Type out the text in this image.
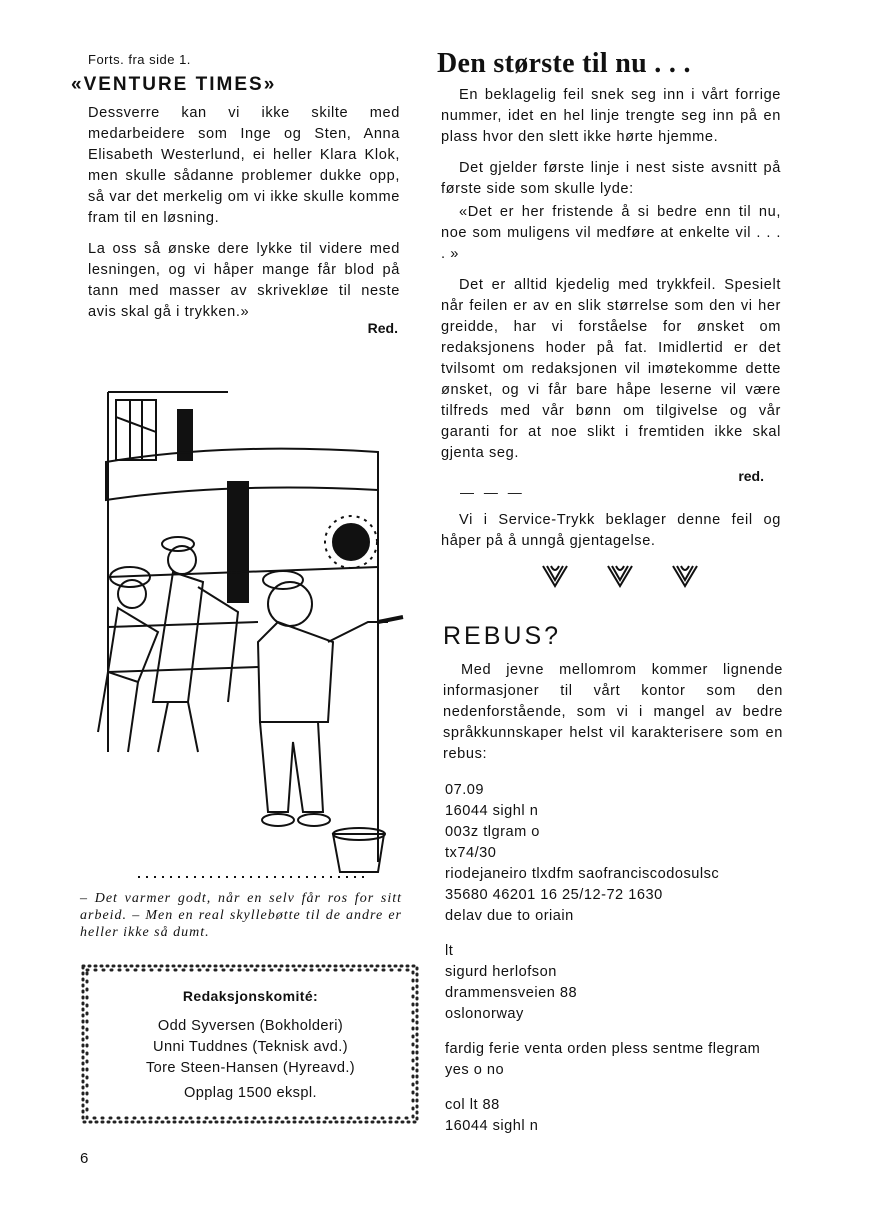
Forts. fra side 1.
«VENTURE TIMES»

Dessverre kan vi ikke skilte med medarbeidere som Inge og Sten, Anna Elisabeth Westerlund, ei heller Klara Klok, men skulle sådanne problemer dukke opp, så var det merkelig om vi ikke skulle komme fram til en løsning.

La oss så ønske dere lykke til videre med lesningen, og vi håper mange får blod på tann med masser av skrivekløe til neste avis skal gå i trykken.»

Red.
– Det varmer godt, når en selv får ros for sitt arbeid. – Men en real skyllebøtte til de andre er heller ikke så dumt.
Redaksjonskomité:
Odd Syversen (Bokholderi)
Unni Tuddnes (Teknisk avd.)
Tore Steen-Hansen (Hyreavd.)
Opplag 1500 ekspl.
6
Den største til nu . . .

En beklagelig feil snek seg inn i vårt forrige nummer, idet en hel linje trengte seg inn på en plass hvor den slett ikke hørte hjemme.

Det gjelder første linje i nest siste avsnitt på første side som skulle lyde:

«Det er her fristende å si bedre enn til nu, noe som muligens vil medføre at enkelte vil . . . . »

Det er alltid kjedelig med trykkfeil. Spesielt når feilen er av en slik størrelse som den vi her greidde, har vi forståelse for ønsket om redaksjonens hoder på fat. Imidlertid er det tvilsomt om redaksjonen vil imøtekomme dette ønsket, og vi får bare håpe leserne vil være tilfreds med vår bønn om tilgivelse og vår garanti for at noe slikt i fremtiden ikke skal gjenta seg.

red.
— — —

Vi i Service-Trykk beklager denne feil og håper på å unngå gjentagelse.

REBUS?

Med jevne mellomrom kommer lignende informasjoner til vårt kontor som den nedenforstående, som vi i mangel av bedre språkkunnskaper helst vil karakterisere som en rebus:

07.09
16044 sighl n
003z tlgram o
tx74/30
riodejaneiro tlxdfm saofranciscodosulsc
35680 46201 16 25/12-72 1630
delav due to oriain
lt
sigurd herlofson
drammensveien 88
oslonorway
fardig ferie venta orden pless sentme flegram
yes o no
col lt 88
16044 sighl n
